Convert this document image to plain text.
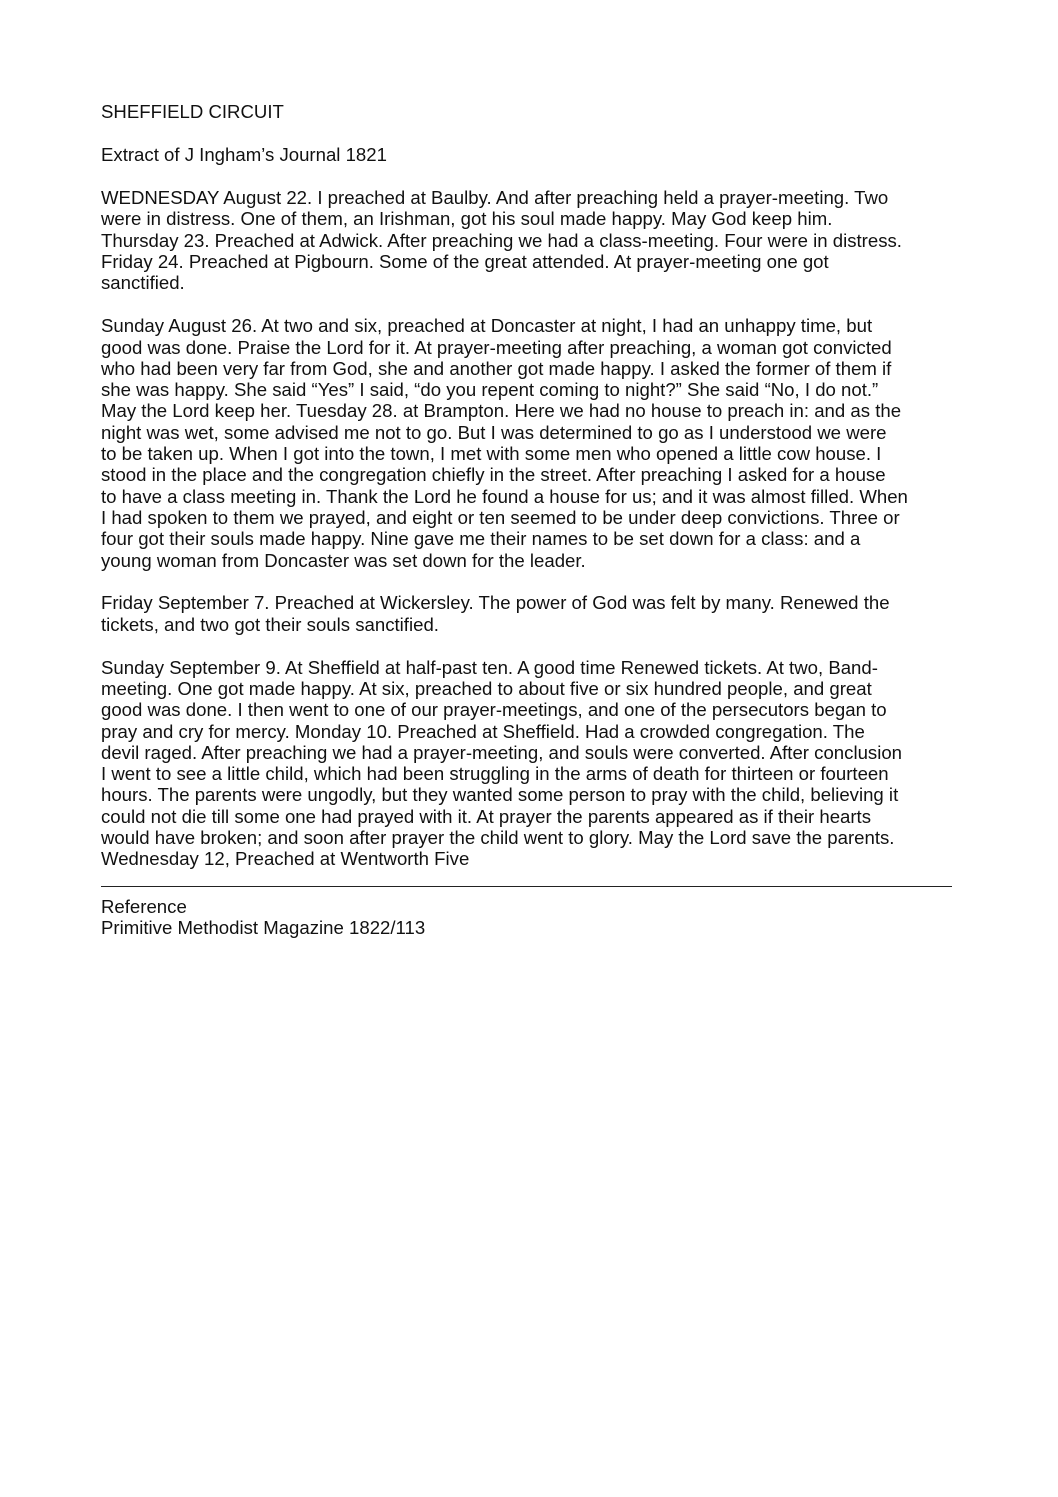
SHEFFIELD CIRCUIT

Extract of J Ingham’s Journal 1821

WEDNESDAY August 22. I preached at Baulby. And after preaching held a prayer-meeting. Two
were in distress. One of them, an Irishman, got his soul made happy. May God keep him.
Thursday 23. Preached at Adwick. After preaching we had a class-meeting. Four were in distress.
Friday 24. Preached at Pigbourn. Some of the great attended. At prayer-meeting one got
sanctified.

Sunday August 26. At two and six, preached at Doncaster at night, I had an unhappy time, but
good was done. Praise the Lord for it. At prayer-meeting after preaching, a woman got convicted
who had been very far from God, she and another got made happy. I asked the former of them if
she was happy. She said “Yes” I said, “do you repent coming to night?” She said “No, I do not.”
May the Lord keep her. Tuesday 28. at Brampton. Here we had no house to preach in: and as the
night was wet, some advised me not to go. But I was determined to go as I understood we were
to be taken up. When I got into the town, I met with some men who opened a little cow house. I
stood in the place and the congregation chiefly in the street. After preaching I asked for a house
to have a class meeting in. Thank the Lord he found a house for us; and it was almost filled. When
I had spoken to them we prayed, and eight or ten seemed to be under deep convictions. Three or
four got their souls made happy. Nine gave me their names to be set down for a class: and a
young woman from Doncaster was set down for the leader.

Friday September 7. Preached at Wickersley. The power of God was felt by many. Renewed the
tickets, and two got their souls sanctified.

Sunday September 9. At Sheffield at half-past ten. A good time Renewed tickets. At two, Band-
meeting. One got made happy. At six, preached to about five or six hundred people, and great
good was done. I then went to one of our prayer-meetings, and one of the persecutors began to
pray and cry for mercy. Monday 10. Preached at Sheffield. Had a crowded congregation. The
devil raged. After preaching we had a prayer-meeting, and souls were converted. After conclusion
I went to see a little child, which had been struggling in the arms of death for thirteen or fourteen
hours. The parents were ungodly, but they wanted some person to pray with the child, believing it
could not die till some one had prayed with it. At prayer the parents appeared as if their hearts
would have broken; and soon after prayer the child went to glory. May the Lord save the parents.
Wednesday 12, Preached at Wentworth Five

Reference

Primitive Methodist Magazine 1822/113
